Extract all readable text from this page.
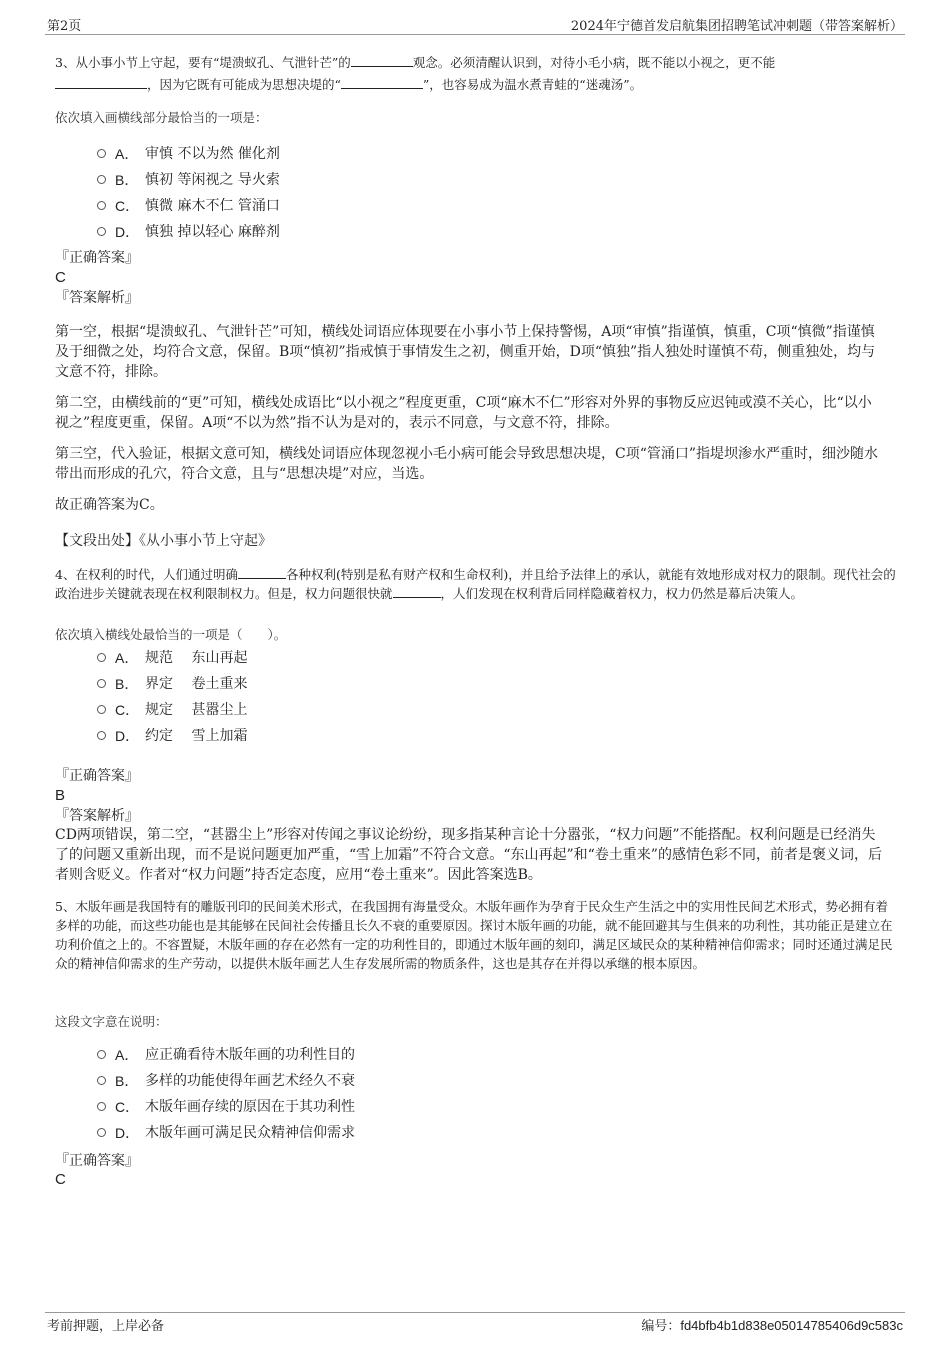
第2页	2024年宁德首发启航集团招聘笔试冲刺题（带答案解析）
3、从小事小节上守起，要有“堤溃蚁孔、气泄针芒”的	观念。必须清醒认识到，对待小毛小病，既不能以小视之，更不能
，因为它既有可能成为思想决堤的“	”，也容易成为温水煮青蛙的“迷魂汤”。
依次填入画横线部分最恰当的一项是：
A． 审慎 不以为然 催化剂
B． 慎初 等闲视之 导火索
C． 慎微 麻木不仁 管涌口
D． 慎独 掉以轻心 麻醉剂
『正确答案』
C
『答案解析』

第一空，根据“堤溃蚁孔、气泄针芒”可知，横线处词语应体现要在小事小节上保持警惕，A项“审慎”指谨慎，慎重，C项“慎微”指谨慎及于细微之处，均符合文意，保留。B项“慎初”指戒慎于事情发生之初，侧重开始，D项“慎独”指人独处时谨慎不苟，侧重独处，均与文意不符，排除。

第二空，由横线前的“更”可知，横线处成语比“以小视之”程度更重，C项“麻木不仁”形容对外界的事物反应迟钝或漠不关心，比“以小视之”程度更重，保留。A项“不以为然”指不认为是对的，表示不同意，与文意不符，排除。

第三空，代入验证，根据文意可知，横线处词语应体现忽视小毛小病可能会导致思想决堤，C项“管涌口”指堤坝渗水严重时，细沙随水带出而形成的孔穴，符合文意，且与“思想决堤”对应，当选。

故正确答案为C。

【文段出处】《从小事小节上守起》
4、在权利的时代，人们通过明确	各种权利(特别是私有财产权和生命权利)，并且给予法律上的承认，就能有效地形成对权力的限制。现代社会的政治进步关键就表现在权利限制权力。但是，权力问题很快就	，人们发现在权利背后同样隐藏着权力，权力仍然是幕后决策人。
依次填入横线处最恰当的一项是（　　）。
A． 规范　 东山再起
B． 界定　 卷土重来
C． 规定　 甚嚣尘上
D． 约定　 雪上加霜
『正确答案』
B
『答案解析』
CD两项错误，第二空，“甚嚣尘上”形容对传闻之事议论纷纷，现多指某种言论十分嚣张，“权力问题”不能搭配。权利问题是已经消失了的问题又重新出现，而不是说问题更加严重，“雪上加霜”不符合文意。“东山再起”和“卷土重来”的感情色彩不同，前者是褒义词，后者则含贬义。作者对“权力问题”持否定态度，应用“卷土重来”。因此答案选B。
5、木版年画是我国特有的雕版刊印的民间美术形式，在我国拥有海量受众。木版年画作为孕育于民众生产生活之中的实用性民间艺术形式，势必拥有着多样的功能，而这些功能也是其能够在民间社会传播且长久不衰的重要原因。探讨木版年画的功能，就不能回避其与生俱来的功利性，其功能正是建立在功利价值之上的。不容置疑，木版年画的存在必然有一定的功利性目的，即通过木版年画的刻印，满足区域民众的某种精神信仰需求；同时还通过满足民众的精神信仰需求的生产劳动，以提供木版年画艺人生存发展所需的物质条件，这也是其存在并得以承继的根本原因。
这段文字意在说明：
A． 应正确看待木版年画的功利性目的
B． 多样的功能使得年画艺术经久不衰
C． 木版年画存续的原因在于其功利性
D． 木版年画可满足民众精神信仰需求
『正确答案』
C
考前押题，上岸必备	编号：fd4bfb4b1d838e05014785406d9c583c
